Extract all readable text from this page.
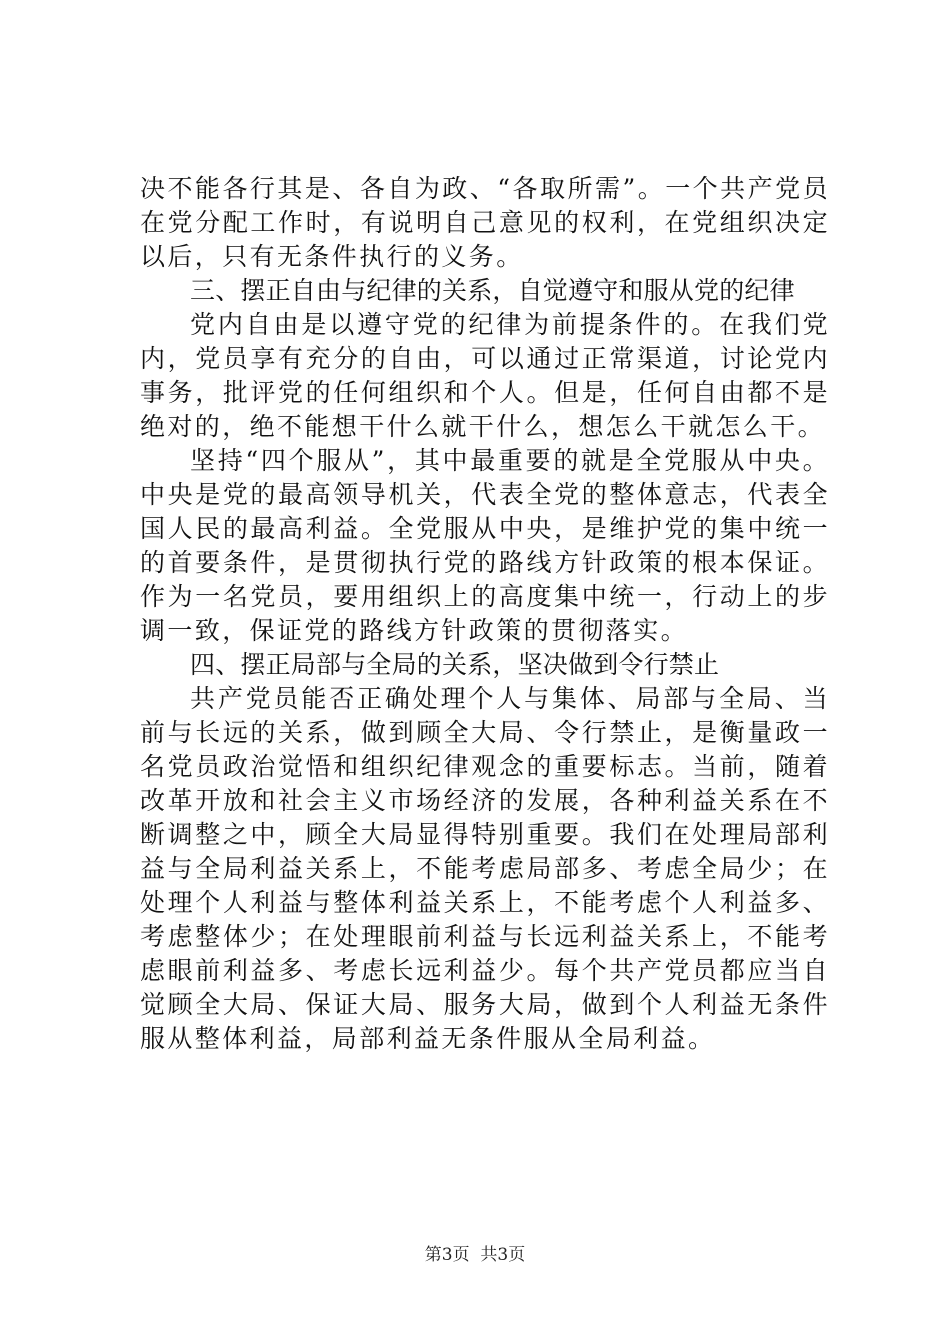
决不能各行其是、各自为政、“各取所需”。一个共产党员在党分配工作时，有说明自己意见的权利，在党组织决定以后，只有无条件执行的义务。

三、摆正自由与纪律的关系，自觉遵守和服从党的纪律

党内自由是以遵守党的纪律为前提条件的。在我们党内，党员享有充分的自由，可以通过正常渠道，讨论党内事务，批评党的任何组织和个人。但是，任何自由都不是绝对的，绝不能想干什么就干什么，想怎么干就怎么干。

坚持“四个服从”，其中最重要的就是全党服从中央。中央是党的最高领导机关，代表全党的整体意志，代表全国人民的最高利益。全党服从中央，是维护党的集中统一的首要条件，是贯彻执行党的路线方针政策的根本保证。作为一名党员，要用组织上的高度集中统一，行动上的步调一致，保证党的路线方针政策的贯彻落实。

四、摆正局部与全局的关系，坚决做到令行禁止

共产党员能否正确处理个人与集体、局部与全局、当前与长远的关系，做到顾全大局、令行禁止，是衡量政一名党员政治觉悟和组织纪律观念的重要标志。当前，随着改革开放和社会主义市场经济的发展，各种利益关系在不断调整之中，顾全大局显得特别重要。我们在处理局部利益与全局利益关系上，不能考虑局部多、考虑全局少；在处理个人利益与整体利益关系上，不能考虑个人利益多、考虑整体少；在处理眼前利益与长远利益关系上，不能考虑眼前利益多、考虑长远利益少。每个共产党员都应当自觉顾全大局、保证大局、服务大局，做到个人利益无条件服从整体利益，局部利益无条件服从全局利益。

第3页  共3页
